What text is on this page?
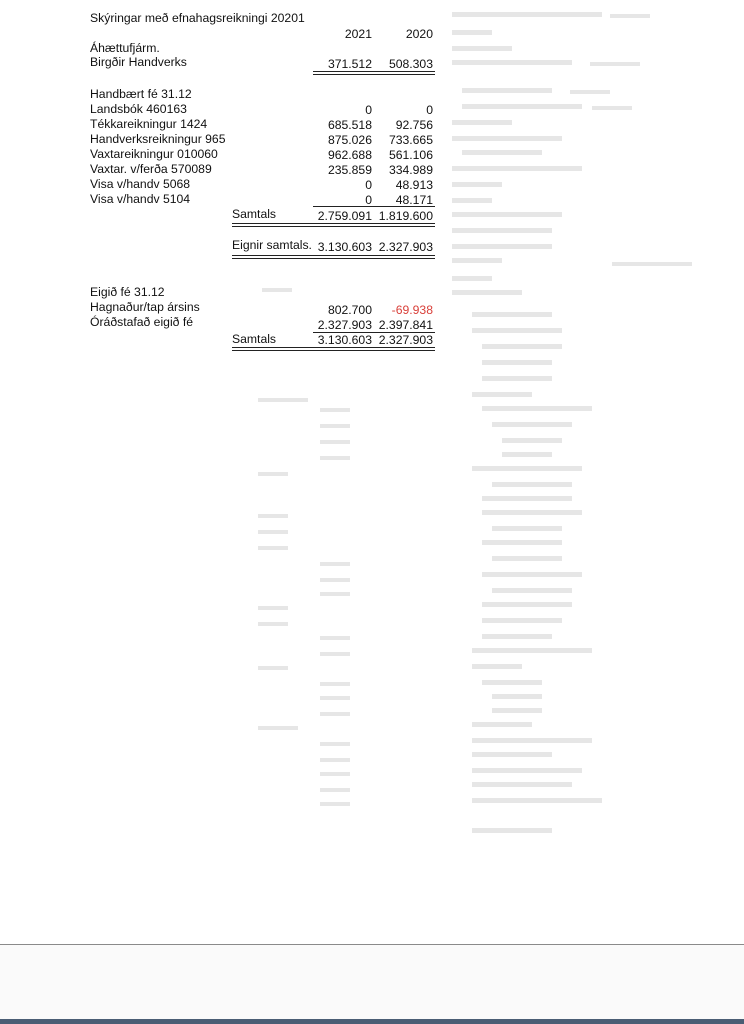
Skýringar með efnahagsreikningi 20201
2021	2020
Áhættufjárm.
Birgðir Handverks	371.512	508.303
Handbært fé 31.12
Landsbók 460163	0	0
Tékkareikningur 1424	685.518	92.756
Handverksreikningur 965	875.026	733.665
Vaxtareikningur 010060	962.688	561.106
Vaxtar. v/ferða 570089	235.859	334.989
Visa v/handv 5068	0	48.913
Visa v/handv 5104	0	48.171
Samtals	2.759.091 1.819.600
Eignir samtals. 3.130.603 2.327.903
Eigið fé 31.12
Hagnaður/tap ársins	802.700	-69.938
Óráðstafað eigið fé	2.327.903 2.397.841
Samtals	3.130.603 2.327.903
